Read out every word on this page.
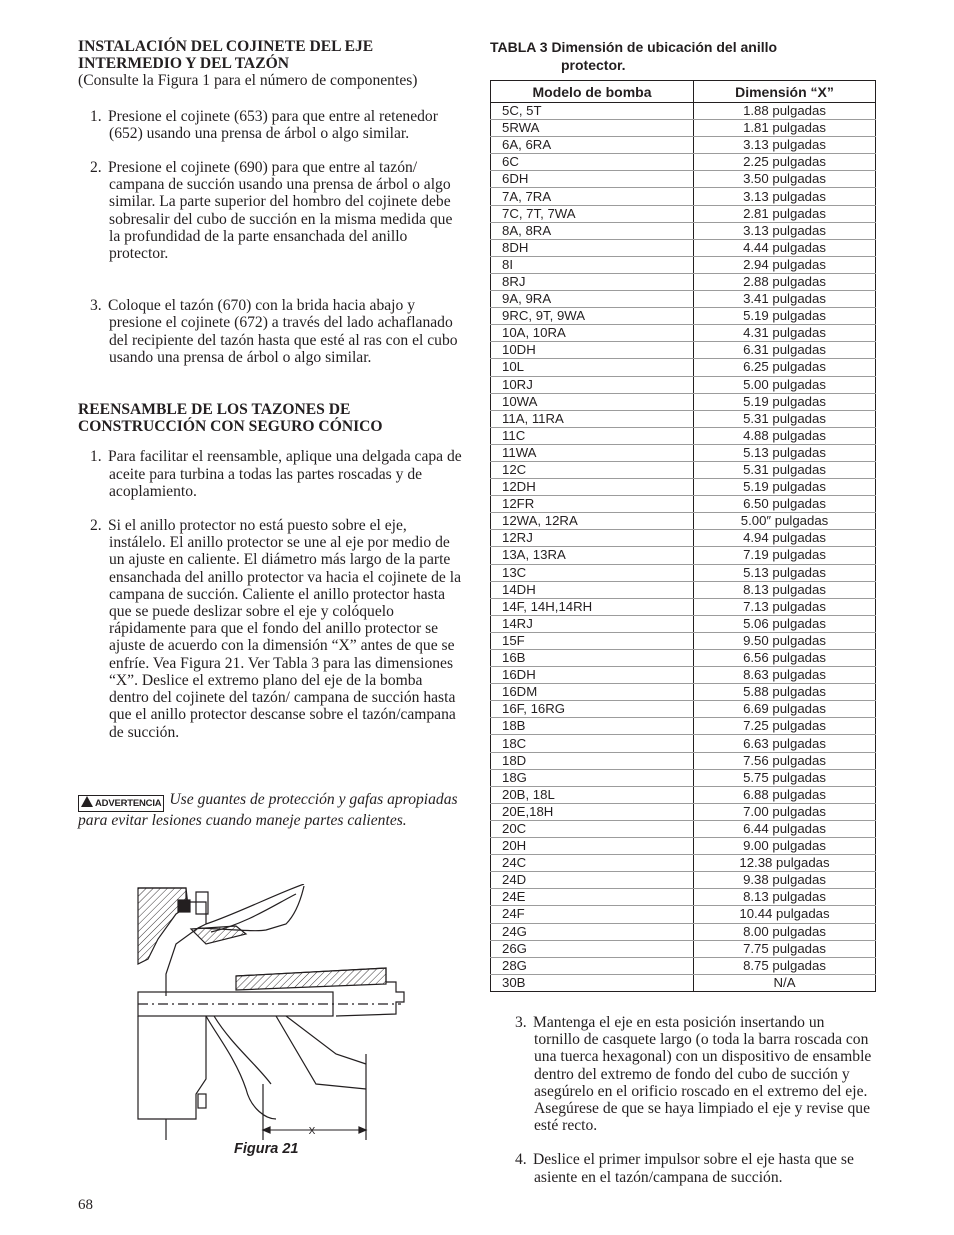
INSTALACIÓN DEL COJINETE DEL EJE
INTERMEDIO Y DEL TAZÓN

(Consulte la Figura 1 para el número de componentes)

1. Presione el cojinete (653) para que entre al retenedor (652) usando una prensa de árbol o algo similar.

2. Presione el cojinete (690) para que entre al tazón/ campana de succión usando una prensa de árbol o algo similar. La parte superior del hombro del cojinete debe sobresalir del cubo de succión en la misma medida que la profundidad de la parte ensanchada del anillo protector.

3. Coloque el tazón (670) con la brida hacia abajo y presione el cojinete (672) a través del lado achaflanado del recipiente del tazón hasta que esté al ras con el cubo usando una prensa de árbol o algo similar.

REENSAMBLE DE LOS TAZONES DE
CONSTRUCCIÓN CON SEGURO CÓNICO

1. Para facilitar el reensamble, aplique una delgada capa de aceite para turbina a todas las partes roscadas y de acoplamiento.

2. Si el anillo protector no está puesto sobre el eje, instálelo. El anillo protector se une al eje por medio de un ajuste en caliente. El diámetro más largo de la parte ensanchada del anillo protector va hacia el cojinete de la campana de succión. Caliente el anillo protector hasta que se puede deslizar sobre el eje y colóquelo rápidamente para que el fondo del anillo protector se ajuste de acuerdo con la dimensión “X” antes de que se enfríe. Vea Figura 21. Ver Tabla 3 para las dimensiones “X”. Deslice el extremo plano del eje de la bomba dentro del cojinete del tazón/ campana de succión hasta que el anillo protector descanse sobre el tazón/campana de succión.

ADVERTENCIA Use guantes de protección y gafas apropiadas para evitar lesiones cuando maneje partes calientes.
X
Figura 21
68
TABLA 3 Dimensión de ubicación del anillo
protector.
Modelo de bomba	Dimensión “X”
5C, 5T	1.88 pulgadas
5RWA	1.81 pulgadas
6A, 6RA	3.13 pulgadas
6C	2.25 pulgadas
6DH	3.50 pulgadas
7A, 7RA	3.13 pulgadas
7C, 7T, 7WA	2.81 pulgadas
8A, 8RA	3.13 pulgadas
8DH	4.44 pulgadas
8I	2.94 pulgadas
8RJ	2.88 pulgadas
9A, 9RA	3.41 pulgadas
9RC, 9T, 9WA	5.19 pulgadas
10A, 10RA	4.31 pulgadas
10DH	6.31 pulgadas
10L	6.25 pulgadas
10RJ	5.00 pulgadas
10WA	5.19 pulgadas
11A, 11RA	5.31 pulgadas
11C	4.88 pulgadas
11WA	5.13 pulgadas
12C	5.31 pulgadas
12DH	5.19 pulgadas
12FR	6.50 pulgadas
12WA, 12RA	5.00″ pulgadas
12RJ	4.94 pulgadas
13A, 13RA	7.19 pulgadas
13C	5.13 pulgadas
14DH	8.13 pulgadas
14F, 14H,14RH	7.13 pulgadas
14RJ	5.06 pulgadas
15F	9.50 pulgadas
16B	6.56 pulgadas
16DH	8.63 pulgadas
16DM	5.88 pulgadas
16F, 16RG	6.69 pulgadas
18B	7.25 pulgadas
18C	6.63 pulgadas
18D	7.56 pulgadas
18G	5.75 pulgadas
20B, 18L	6.88 pulgadas
20E,18H	7.00 pulgadas
20C	6.44 pulgadas
20H	9.00 pulgadas
24C	12.38 pulgadas
24D	9.38 pulgadas
24E	8.13 pulgadas
24F	10.44 pulgadas
24G	8.00 pulgadas
26G	7.75 pulgadas
28G	8.75 pulgadas
30B	N/A

3. Mantenga el eje en esta posición insertando un tornillo de casquete largo (o toda la barra roscada con una tuerca hexagonal) con un dispositivo de ensamble dentro del extremo de fondo del cubo de succión y asegúrelo en el orificio roscado en el extremo del eje. Asegúrese de que se haya limpiado el eje y revise que esté recto.

4. Deslice el primer impulsor sobre el eje hasta que se asiente en el tazón/campana de succión.
